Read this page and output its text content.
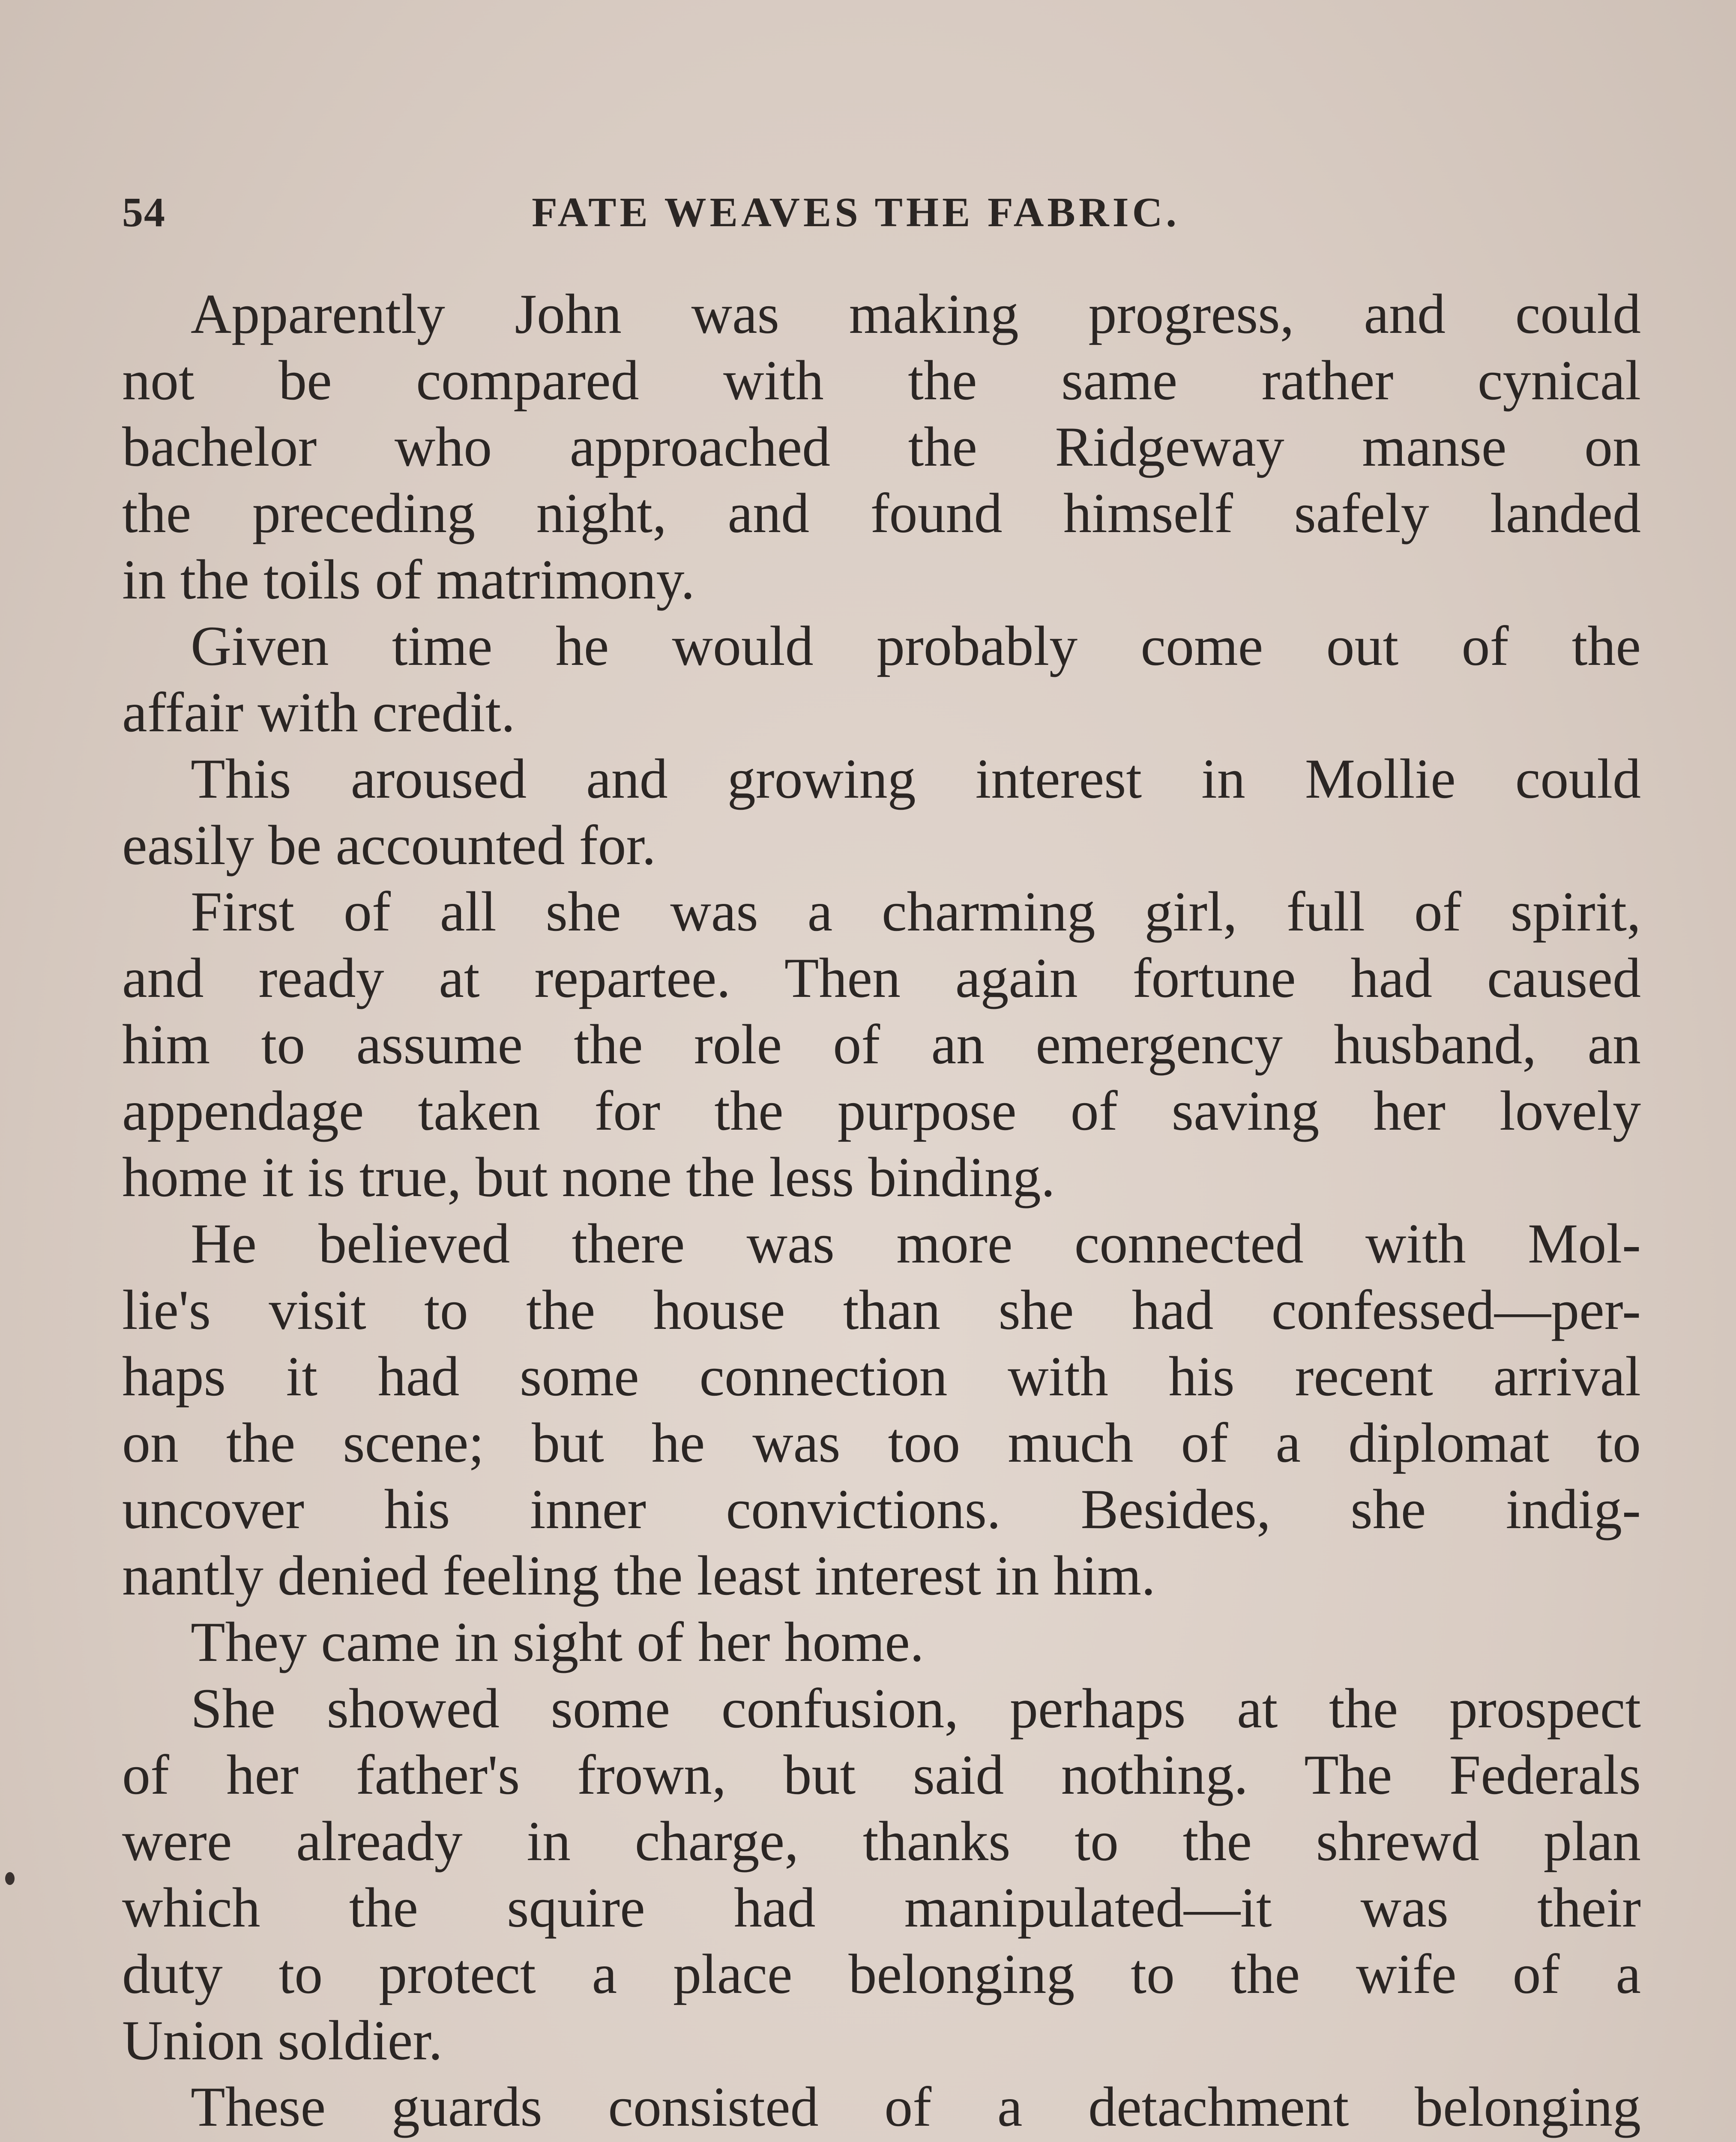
54	FATE WEAVES THE FABRIC.
Apparently John was making progress, and could
not be compared with the same rather cynical
bachelor who approached the Ridgeway manse on
the preceding night, and found himself safely landed
in the toils of matrimony.
Given time he would probably come out of the
affair with credit.
This aroused and growing interest in Mollie could
easily be accounted for.
First of all she was a charming girl, full of spirit,
and ready at repartee. Then again fortune had caused
him to assume the role of an emergency husband, an
appendage taken for the purpose of saving her lovely
home it is true, but none the less binding.
He believed there was more connected with Mol-
lie's visit to the house than she had confessed—per-
haps it had some connection with his recent arrival
on the scene; but he was too much of a diplomat to
uncover his inner convictions. Besides, she indig-
nantly denied feeling the least interest in him.
They came in sight of her home.
She showed some confusion, perhaps at the prospect
of her father's frown, but said nothing. The Federals
were already in charge, thanks to the shrewd plan
which the squire had manipulated—it was their
duty to protect a place belonging to the wife of a
Union soldier.
These guards consisted of a detachment belonging
